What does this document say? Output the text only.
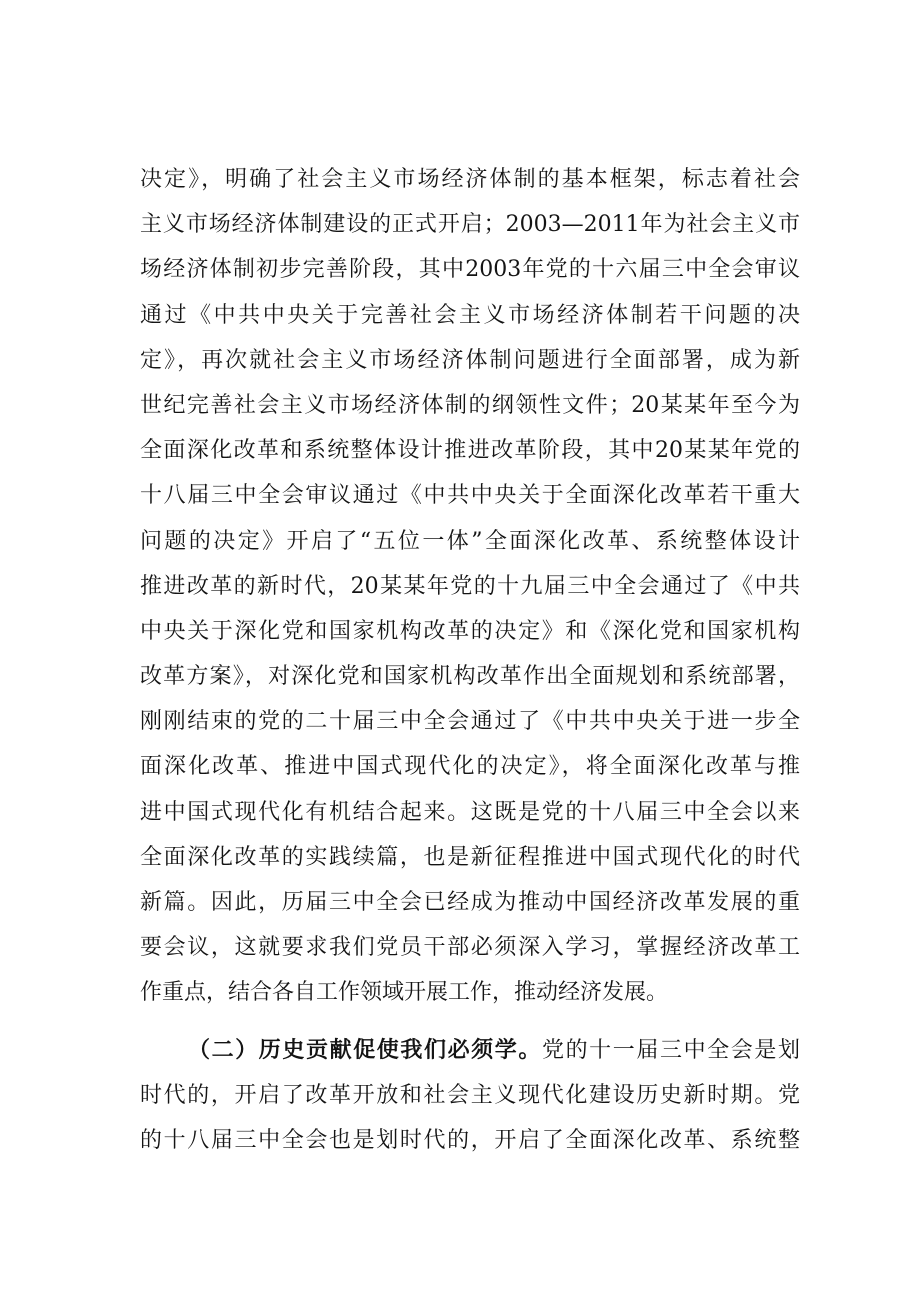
决定》，明确了社会主义市场经济体制的基本框架，标志着社会
主义市场经济体制建设的正式开启；2003—2011年为社会主义市
场经济体制初步完善阶段，其中2003年党的十六届三中全会审议
通过《中共中央关于完善社会主义市场经济体制若干问题的决
定》，再次就社会主义市场经济体制问题进行全面部署，成为新
世纪完善社会主义市场经济体制的纲领性文件；20某某年至今为
全面深化改革和系统整体设计推进改革阶段，其中20某某年党的
十八届三中全会审议通过《中共中央关于全面深化改革若干重大
问题的决定》开启了“五位一体”全面深化改革、系统整体设计
推进改革的新时代，20某某年党的十九届三中全会通过了《中共
中央关于深化党和国家机构改革的决定》和《深化党和国家机构
改革方案》，对深化党和国家机构改革作出全面规划和系统部署，
刚刚结束的党的二十届三中全会通过了《中共中央关于进一步全
面深化改革、推进中国式现代化的决定》，将全面深化改革与推
进中国式现代化有机结合起来。这既是党的十八届三中全会以来
全面深化改革的实践续篇，也是新征程推进中国式现代化的时代
新篇。因此，历届三中全会已经成为推动中国经济改革发展的重
要会议，这就要求我们党员干部必须深入学习，掌握经济改革工
作重点，结合各自工作领域开展工作，推动经济发展。
（二）历史贡献促使我们必须学。党的十一届三中全会是划
时代的，开启了改革开放和社会主义现代化建设历史新时期。党
的十八届三中全会也是划时代的，开启了全面深化改革、系统整
